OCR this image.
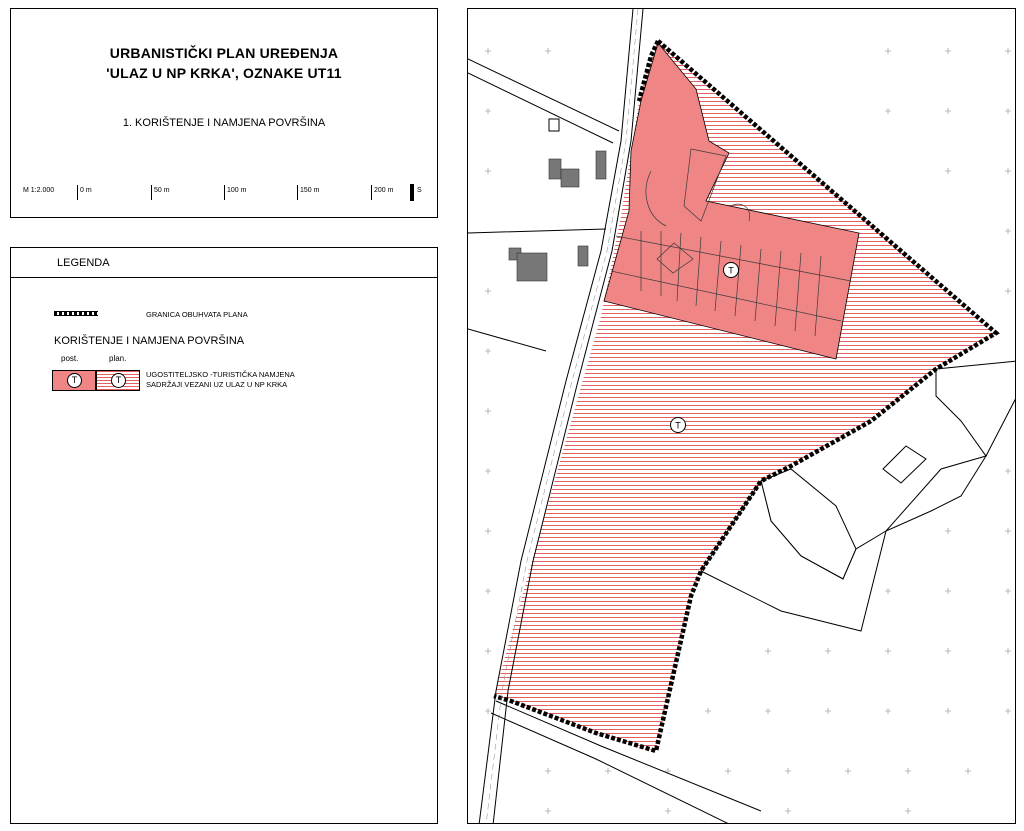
URBANISTIČKI PLAN UREĐENJA
'ULAZ U NP KRKA', OZNAKE UT11
1. KORIŠTENJE I NAMJENA POVRŠINA
M 1:2.000	0 m	50 m	100 m	150 m	200 m	S
LEGENDA
GRANICA OBUHVATA PLANA
KORIŠTENJE I NAMJENA POVRŠINA
post.	plan.
T	T
UGOSTITELJSKO -TURISTIČKA NAMJENA
SADRŽAJI VEZANI UZ ULAZ U NP KRKA
T
T
